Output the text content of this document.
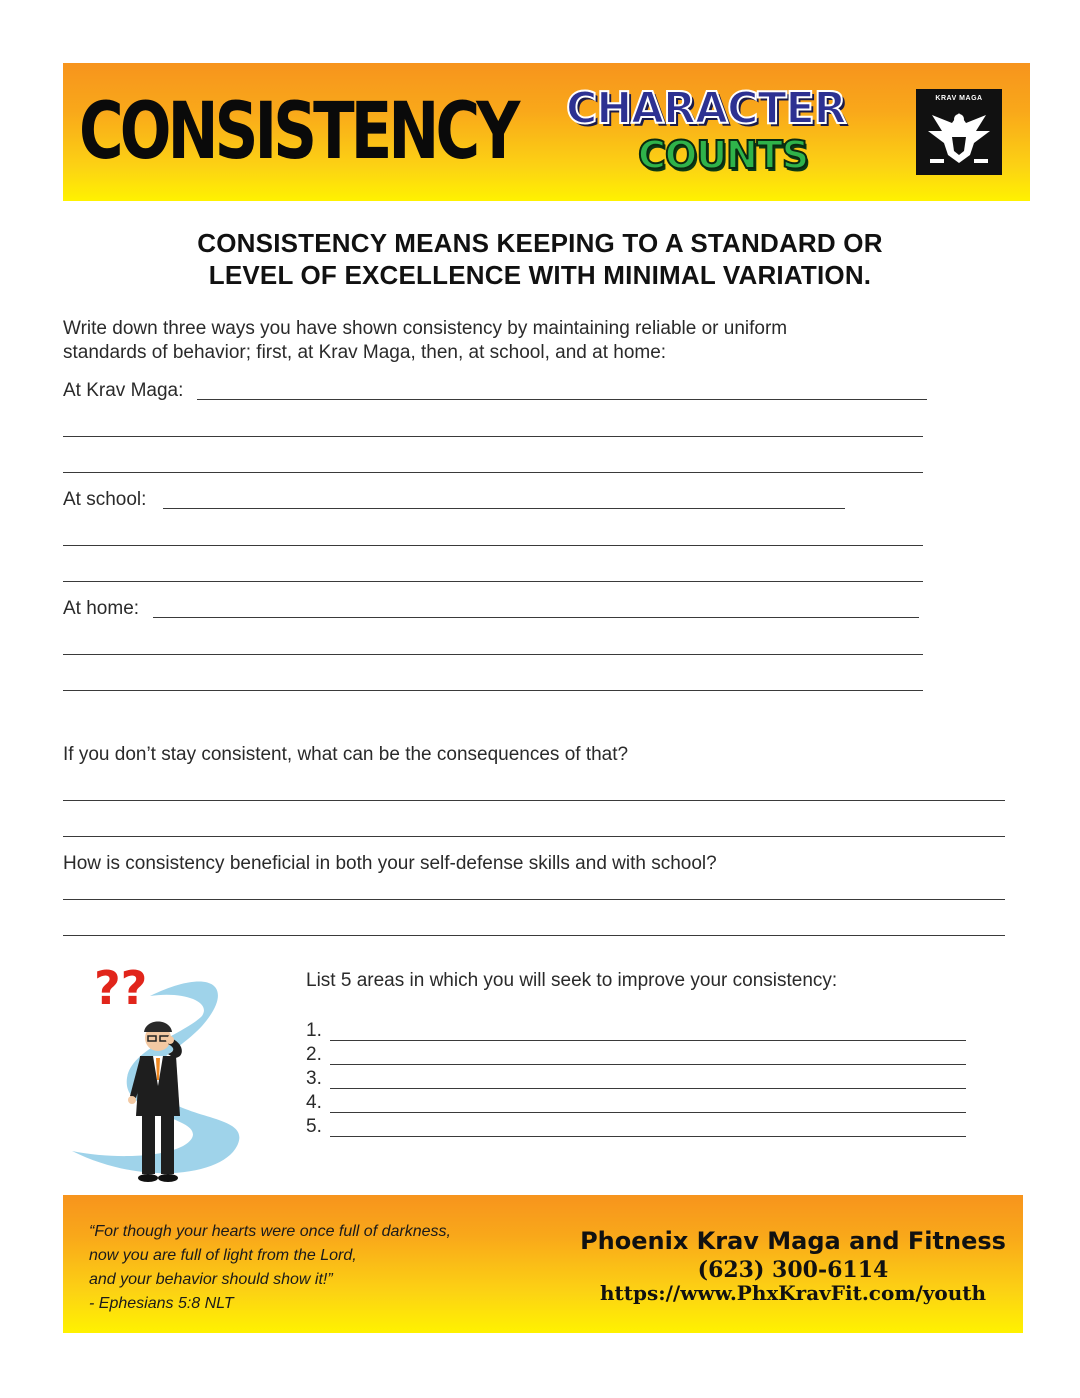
CONSISTENCY CHARACTER
COUNTS
KRAV MAGA
CONSISTENCY MEANS KEEPING TO A STANDARD OR
LEVEL OF EXCELLENCE WITH MINIMAL VARIATION.
Write down three ways you have shown consistency by maintaining reliable or uniform
standards of behavior; first, at Krav Maga, then, at school, and at home:
At Krav Maga:
At school:
At home:
If you don’t stay consistent, what can be the consequences of that?
How is consistency beneficial in both your self-defense skills and with school?
??	List 5 areas in which you will seek to improve your consistency:
1.
2.
3.
4.
5.
“For though your hearts were once full of darkness,
now you are full of light from the Lord,
and your behavior should show it!”
- Ephesians 5:8 NLT
Phoenix Krav Maga and Fitness
(623) 300-6114
https://www.PhxKravFit.com/youth
